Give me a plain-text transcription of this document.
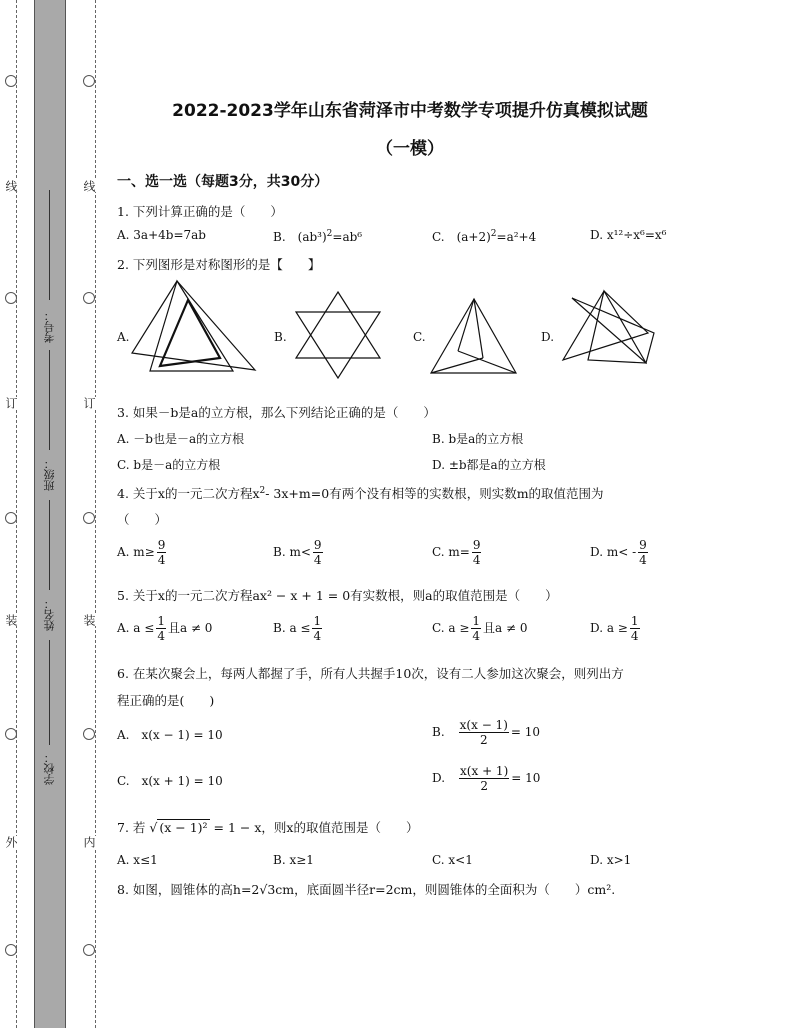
线
订
装
外
线
订
装
内
考号：
班级：
姓名：
学校：
2022-2023学年山东省菏泽市中考数学专项提升仿真模拟试题
（一模）
一、选一选（每题3分，共30分）
1. 下列计算正确的是（　　）
A. 3a+4b=7ab	B.　$(ab^3)^2=ab^6$	C.　$(a+2)^2=a^2+4$	D. x¹²÷x⁶=x⁶
2. 下列图形是对称图形的是【　　】
A.	B.	C.	D.
3. 如果－b是a的立方根，那么下列结论正确的是（　　）
A. －b也是－a的立方根	B. b是a的立方根
C. b是－a的立方根	D. ±b都是a的立方根
4. 关于x的一元二次方程$x^2-$ 3x+m=0有两个没有相等的实数根，则实数m的取值范围为
（　　）
A. $m\ge \frac{9}{4}$	B. $m< \frac{9}{4}$	C. $m= \frac{9}{4}$	D. $m< - \frac{9}{4}$
5. 关于x的一元二次方程ax² − x + 1 = 0有实数根，则a的取值范围是（　　）
A. $a \le \frac{1}{4}$ 且a ≠ 0	B. $a \le \frac{1}{4}$	C. $a \ge \frac{1}{4}$ 且a ≠ 0	D. $a \ge \frac{1}{4}$
6. 在某次聚会上，每两人都握了手，所有人共握手10次，设有二人参加这次聚会，则列出方
程正确的是(　　)
A.　x(x − 1) = 10	B.　 $\frac{x(x - 1)}{2} = 10$
C.　x(x + 1) = 10	D.　 $\frac{x(x + 1)}{2} = 10$
7. 若 √ (x − 1)² = 1 − x，则x的取值范围是（　　）
A. x≤1	B. x≥1	C. x<1	D. x>1
8. 如图，圆锥体的高h=2√3cm，底面圆半径r=2cm，则圆锥体的全面积为（　　）cm².
